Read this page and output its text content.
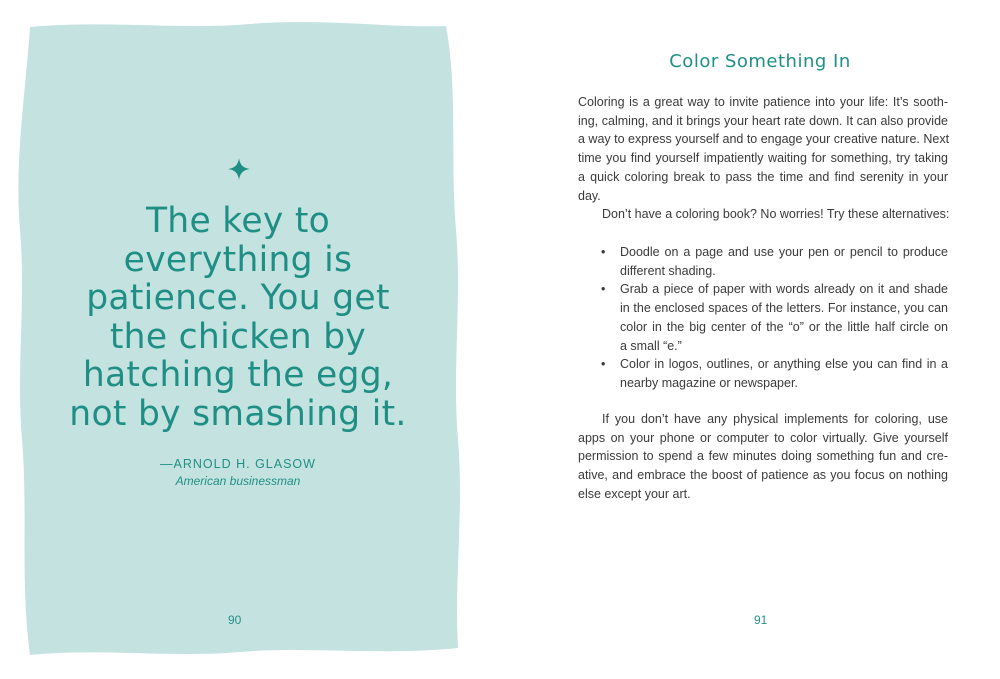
The key to
everything is
patience. You get
the chicken by
hatching the egg,
not by smashing it.
—ARNOLD H. GLASOW
American businessman
90
Color Something In
Coloring is a great way to invite patience into your life: It’s sooth-
ing, calming, and it brings your heart rate down. It can also provide
a way to express yourself and to engage your creative nature. Next
time you find yourself impatiently waiting for something, try taking
a quick coloring break to pass the time and find serenity in your
day.
Don’t have a coloring book? No worries! Try these alternatives:
• Doodle on a page and use your pen or pencil to produce
different shading.
• Grab a piece of paper with words already on it and shade
in the enclosed spaces of the letters. For instance, you can
color in the big center of the “o” or the little half circle on
a small “e.”
• Color in logos, outlines, or anything else you can find in a
nearby magazine or newspaper.
If you don’t have any physical implements for coloring, use
apps on your phone or computer to color virtually. Give yourself
permission to spend a few minutes doing something fun and cre-
ative, and embrace the boost of patience as you focus on nothing
else except your art.
91
